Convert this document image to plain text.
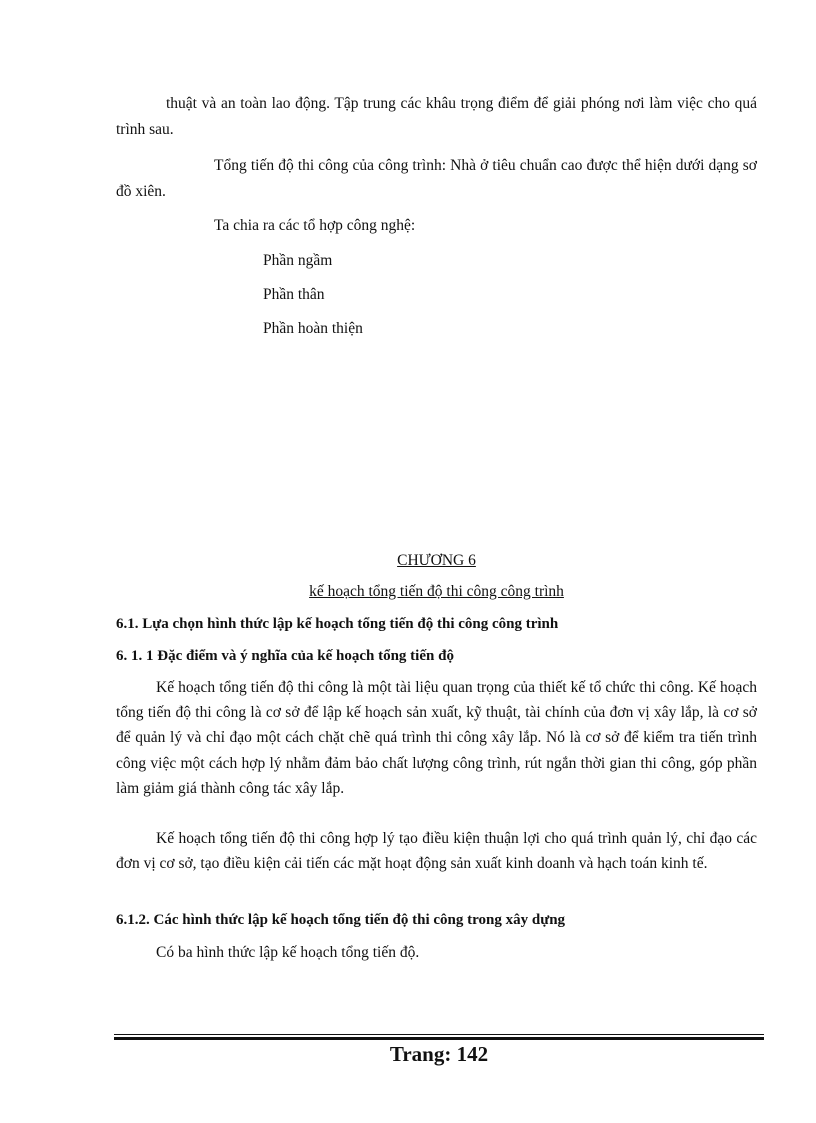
thuật và an toàn lao động. Tập trung các khâu trọng điểm để giải phóng nơi làm việc cho quá trình sau.

Tổng tiến độ thi công của công trình: Nhà ở tiêu chuẩn cao được thể hiện dưới dạng sơ đồ xiên.

Ta chia ra các tổ hợp công nghệ:

Phần ngầm

Phần thân

Phần hoàn thiện

CHƯƠNG 6

kế hoạch tổng tiến độ thi công công trình

6.1. Lựa chọn hình thức lập kế hoạch tổng tiến độ thi công công trình

6. 1. 1 Đặc điểm và ý nghĩa của kế hoạch tổng tiến độ

Kế hoạch tổng tiến độ thi công là một tài liệu quan trọng của thiết kế tổ chức thi công. Kế hoạch tổng tiến độ thi công là cơ sở để lập kế hoạch sản xuất, kỹ thuật, tài chính của đơn vị xây lắp, là cơ sở để quản lý và chỉ đạo một cách chặt chẽ quá trình thi công xây lắp. Nó là cơ sở để kiểm tra tiến trình công việc một cách hợp lý nhằm đảm bảo chất lượng công trình, rút ngắn thời gian thi công, góp phần làm giảm giá thành công tác xây lắp.

Kế hoạch tổng tiến độ thi công hợp lý tạo điều kiện thuận lợi cho quá trình quản lý, chỉ đạo các đơn vị cơ sở, tạo điều kiện cải tiến các mặt hoạt động sản xuất kinh doanh và hạch toán kinh tế.

6.1.2. Các hình thức lập kế hoạch tổng tiến độ thi công trong xây dựng

Có ba hình thức lập kế hoạch tổng tiến độ.

Trang: 142
